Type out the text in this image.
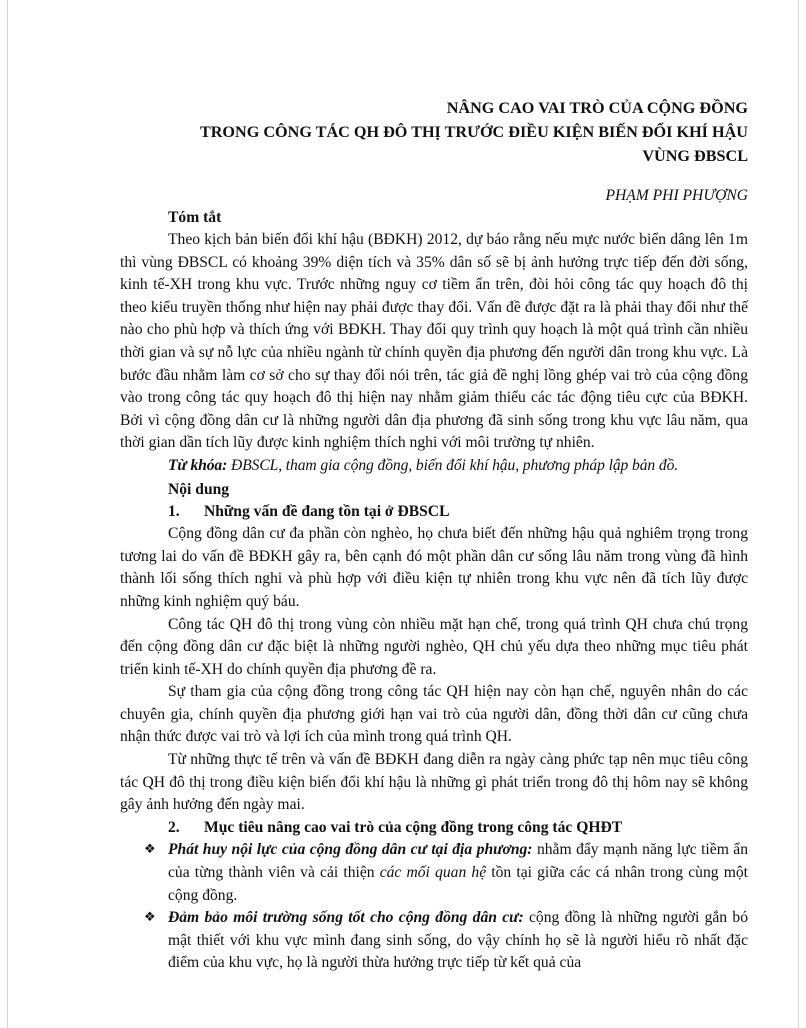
NÂNG CAO VAI TRÒ CỦA CỘNG ĐỒNG
TRONG CÔNG TÁC QH ĐÔ THỊ TRƯỚC ĐIỀU KIỆN BIẾN ĐỔI KHÍ HẬU
VÙNG ĐBSCL
PHẠM PHI PHƯỢNG
Tóm tắt
Theo kịch bản biến đổi khí hậu (BĐKH) 2012, dự báo rằng nếu mực nước biển dâng lên 1m thì vùng ĐBSCL có khoảng 39% diện tích và 35% dân số sẽ bị ảnh hưởng trực tiếp đến đời sống, kinh tế-XH trong khu vực. Trước những nguy cơ tiềm ẩn trên, đòi hỏi công tác quy hoạch đô thị theo kiểu truyền thống như hiện nay phải được thay đổi. Vấn đề được đặt ra là phải thay đổi như thế nào cho phù hợp và thích ứng với BĐKH. Thay đổi quy trình quy hoạch là một quá trình cần nhiều thời gian và sự nỗ lực của nhiều ngành từ chính quyền địa phương đến người dân trong khu vực. Là bước đầu nhằm làm cơ sở cho sự thay đổi nói trên, tác giả đề nghị lồng ghép vai trò của cộng đồng vào trong công tác quy hoạch đô thị hiện nay nhằm giảm thiểu các tác động tiêu cực của BĐKH. Bởi vì cộng đồng dân cư là những người dân địa phương đã sinh sống trong khu vực lâu năm, qua thời gian dần tích lũy được kinh nghiệm thích nghi với môi trường tự nhiên.
Từ khóa: ĐBSCL, tham gia cộng đồng, biến đổi khí hậu, phương pháp lập bản đồ.
Nội dung
1.	Những vấn đề đang tồn tại ở ĐBSCL
Cộng đồng dân cư đa phần còn nghèo, họ chưa biết đến những hậu quả nghiêm trọng trong tương lai do vấn đề BĐKH gây ra, bên cạnh đó một phần dân cư sống lâu năm trong vùng đã hình thành lối sống thích nghi và phù hợp với điều kiện tự nhiên trong khu vực nên đã tích lũy được những kinh nghiệm quý báu.
Công tác QH đô thị trong vùng còn nhiều mặt hạn chế, trong quá trình QH chưa chú trọng đến cộng đồng dân cư đặc biệt là những người nghèo, QH chủ yếu dựa theo những mục tiêu phát triển kinh tế-XH do chính quyền địa phương đề ra.
Sự tham gia của cộng đồng trong công tác QH hiện nay còn hạn chế, nguyên nhân do các chuyên gia, chính quyền địa phương giới hạn vai trò của người dân, đồng thời dân cư cũng chưa nhận thức được vai trò và lợi ích của mình trong quá trình QH.
Từ những thực tế trên và vấn đề BĐKH đang diễn ra ngày càng phức tạp nên mục tiêu công tác QH đô thị trong điều kiện biến đổi khí hậu là những gì phát triển trong đô thị hôm nay sẽ không gây ảnh hưởng đến ngày mai.
2.	Mục tiêu nâng cao vai trò của cộng đồng trong công tác QHĐT
❖ Phát huy nội lực của cộng đồng dân cư tại địa phương: nhằm đẩy mạnh năng lực tiềm ẩn của từng thành viên và cải thiện các mối quan hệ tồn tại giữa các cá nhân trong cùng một cộng đồng.
❖ Đảm bảo môi trường sống tốt cho cộng đồng dân cư: cộng đồng là những người gắn bó mật thiết với khu vực mình đang sinh sống, do vậy chính họ sẽ là người hiểu rõ nhất đặc điểm của khu vực, họ là người thừa hưởng trực tiếp từ kết quả của
